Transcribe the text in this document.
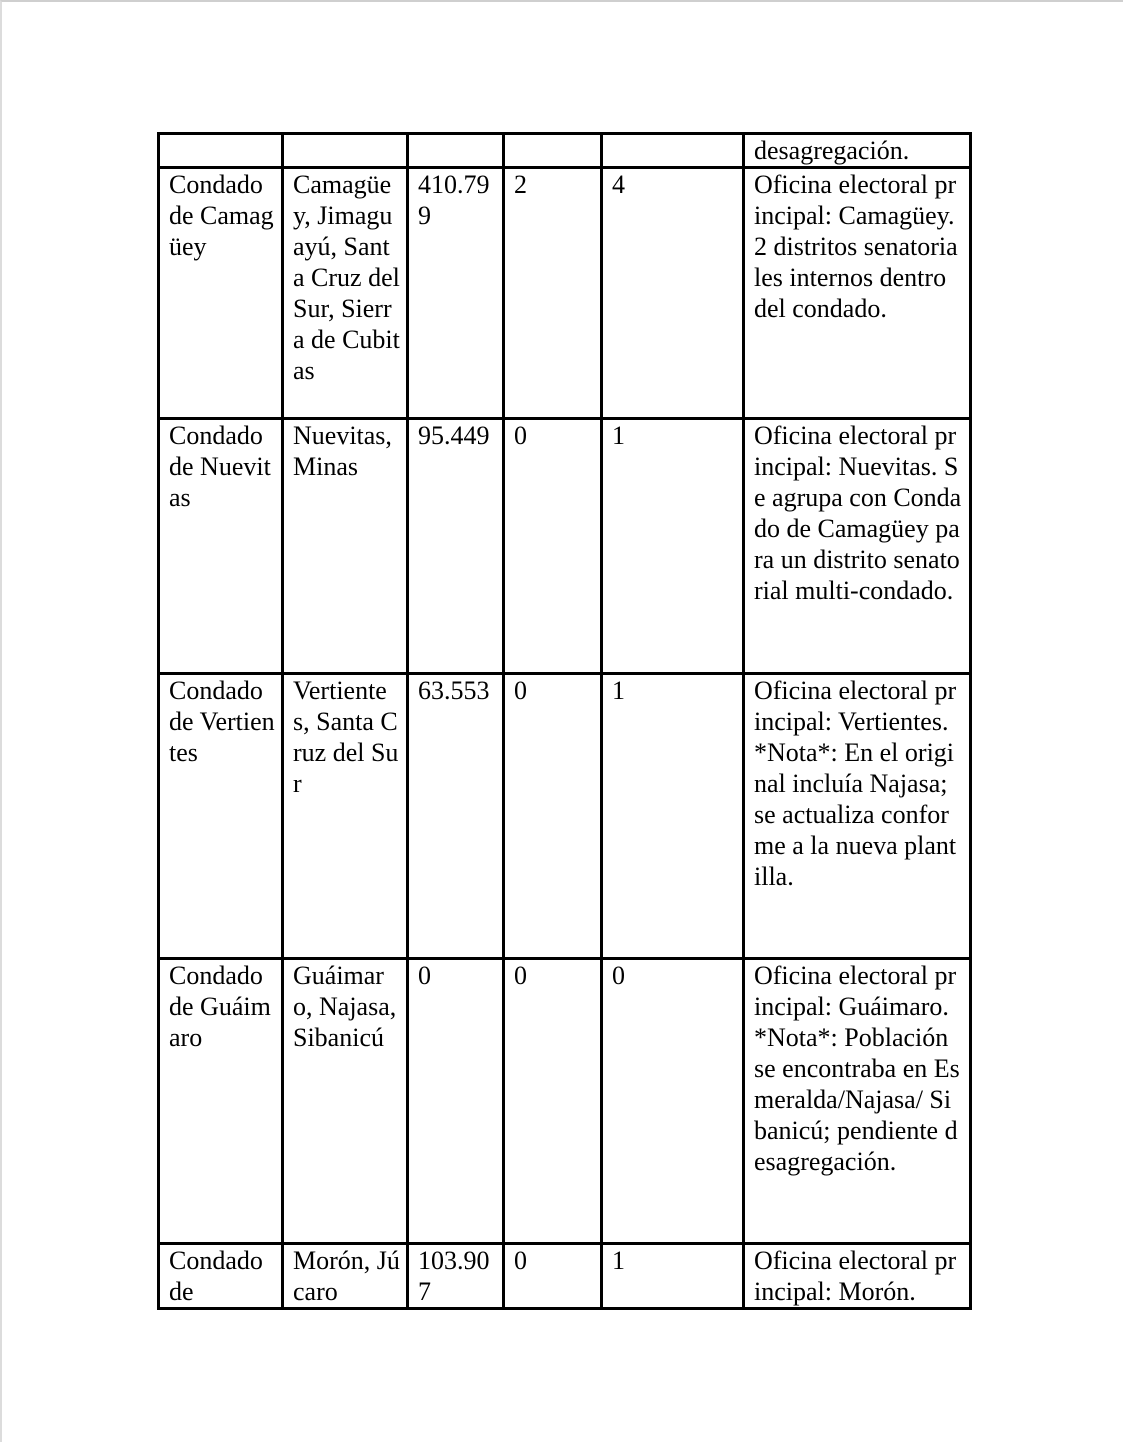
					desagregación.
Condado de Camagüey	Camagüey, Jimaguayú, Santa Cruz del Sur, Sierra de Cubitas	410.799	2	4	Oficina electoral principal: Camagüey. 2 distritos senatoriales internos dentro del condado.
Condado de Nuevitas	Nuevitas, Minas	95.449	0	1	Oficina electoral principal: Nuevitas. Se agrupa con Condado de Camagüey para un distrito senatorial multi-condado.
Condado de Vertientes	Vertientes, Santa Cruz del Sur	63.553	0	1	Oficina electoral principal: Vertientes. *Nota*: En el original incluía Najasa; se actualiza conforme a la nueva plantilla.
Condado de Guáimaro	Guáimaro, Najasa, Sibanicú	0	0	0	Oficina electoral principal: Guáimaro. *Nota*: Población se encontraba en Esmeralda/Najasa/ Sibanicú; pendiente desagregación.
Condado de	Morón, Júcaro	103.907	0	1	Oficina electoral principal: Morón.
